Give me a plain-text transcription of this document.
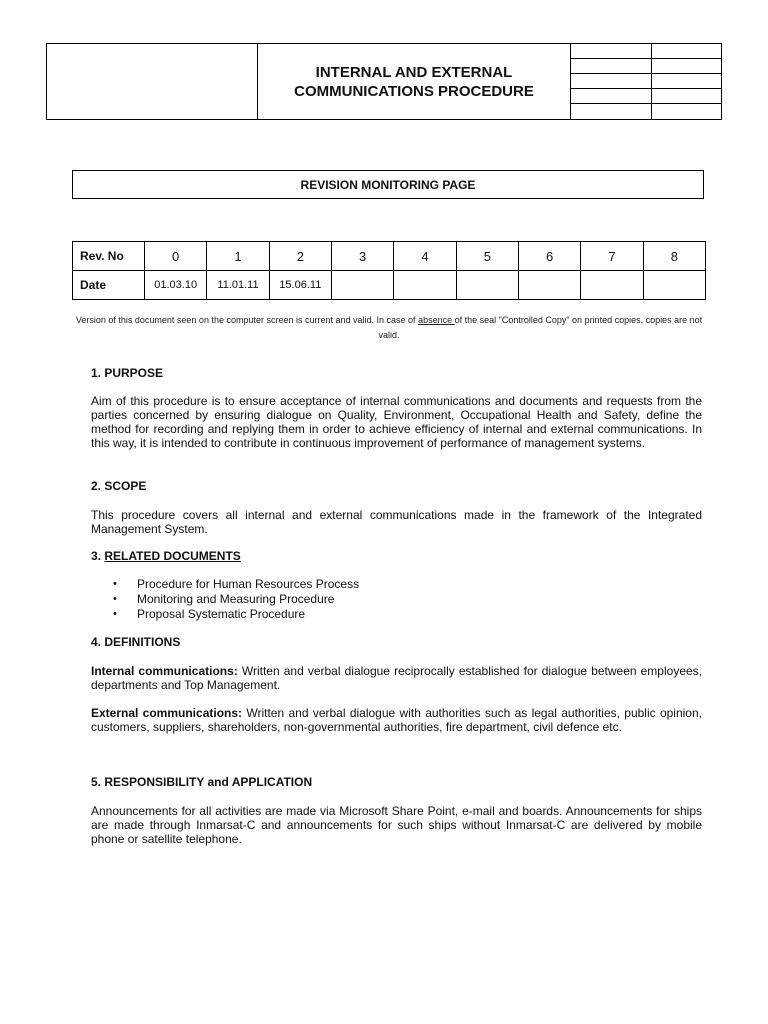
INTERNAL AND EXTERNAL
COMMUNICATIONS PROCEDURE
REVISION MONITORING PAGE
Rev. No	0	1	2	3	4	5	6	7	8
Date	01.03.10	11.01.11	15.06.11						
Version of this document seen on the computer screen is current and valid. In case of absence of the seal "Controlled Copy" on printed copies, copies are not valid.
1. PURPOSE

Aim of this procedure is to ensure acceptance of internal communications and documents and requests from the parties concerned by ensuring dialogue on Quality, Environment, Occupational Health and Safety, define the method for recording and replying them in order to achieve efficiency of internal and external communications. In this way, it is intended to contribute in continuous improvement of performance of management systems.

2. SCOPE

This procedure covers all internal and external communications made in the framework of the Integrated Management System.

3. RELATED DOCUMENTS
• Procedure for Human Resources Process
• Monitoring and Measuring Procedure
• Proposal Systematic Procedure
4. DEFINITIONS

Internal communications: Written and verbal dialogue reciprocally established for dialogue between employees, departments and Top Management.

External communications: Written and verbal dialogue with authorities such as legal authorities, public opinion, customers, suppliers, shareholders, non-governmental authorities, fire department, civil defence etc.

5. RESPONSIBILITY and APPLICATION

Announcements for all activities are made via Microsoft Share Point, e-mail and boards. Announcements for ships are made through Inmarsat-C and announcements for such ships without Inmarsat-C are delivered by mobile phone or satellite telephone.
